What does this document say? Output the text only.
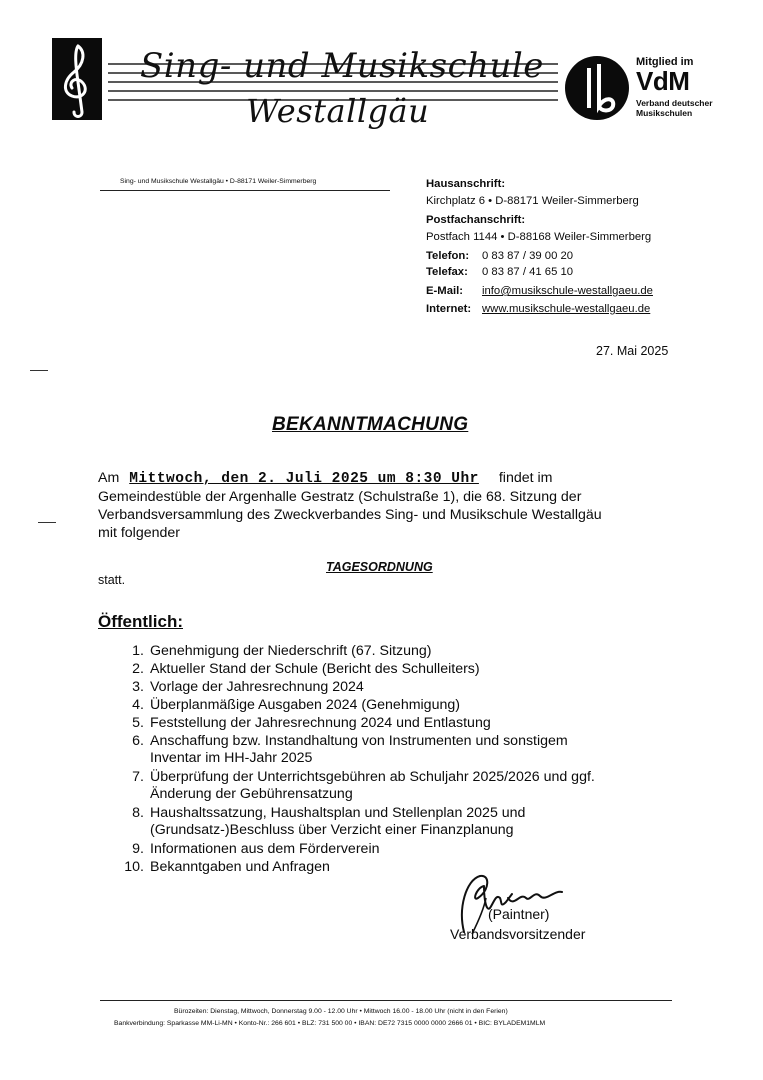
Sing- und Musikschule
Westallgäu
Mitglied im
VdM
Verband deutscher
Musikschulen
Sing- und Musikschule Westallgäu • D-88171 Weiler-Simmerberg	Hausanschrift:
Kirchplatz 6 • D-88171 Weiler-Simmerberg
Postfachanschrift:
Postfach 1144 • D-88168 Weiler-Simmerberg
Telefon: 0 83 87 / 39 00 20
Telefax: 0 83 87 / 41 65 10
E-Mail: info@musikschule-westallgaeu.de
Internet: www.musikschule-westallgaeu.de
27. Mai 2025
BEKANNTMACHUNG
Am Mittwoch, den 2. Juli 2025 um 8:30 Uhr findet im
Gemeindestüble der Argenhalle Gestratz (Schulstraße 1), die 68. Sitzung der
Verbandsversammlung des Zweckverbandes Sing- und Musikschule Westallgäu
mit folgender
TAGESORDNUNG
statt.
Öffentlich:
1. Genehmigung der Niederschrift (67. Sitzung)
2. Aktueller Stand der Schule (Bericht des Schulleiters)
3. Vorlage der Jahresrechnung 2024
4. Überplanmäßige Ausgaben 2024 (Genehmigung)
5. Feststellung der Jahresrechnung 2024 und Entlastung
6. Anschaffung bzw. Instandhaltung von Instrumenten und sonstigem
Inventar im HH-Jahr 2025
7. Überprüfung der Unterrichtsgebühren ab Schuljahr 2025/2026 und ggf.
Änderung der Gebührensatzung
8. Haushaltssatzung, Haushaltsplan und Stellenplan 2025 und
(Grundsatz-)Beschluss über Verzicht einer Finanzplanung
9. Informationen aus dem Förderverein
10. Bekanntgaben und Anfragen
(Paintner)
Verbandsvorsitzender
Bürozeiten: Dienstag, Mittwoch, Donnerstag 9.00 - 12.00 Uhr • Mittwoch 16.00 - 18.00 Uhr (nicht in den Ferien)
Bankverbindung: Sparkasse MM-Li-MN • Konto-Nr.: 266 601 • BLZ: 731 500 00 • IBAN: DE72 7315 0000 0000 2666 01 • BIC: BYLADEM1MLM
